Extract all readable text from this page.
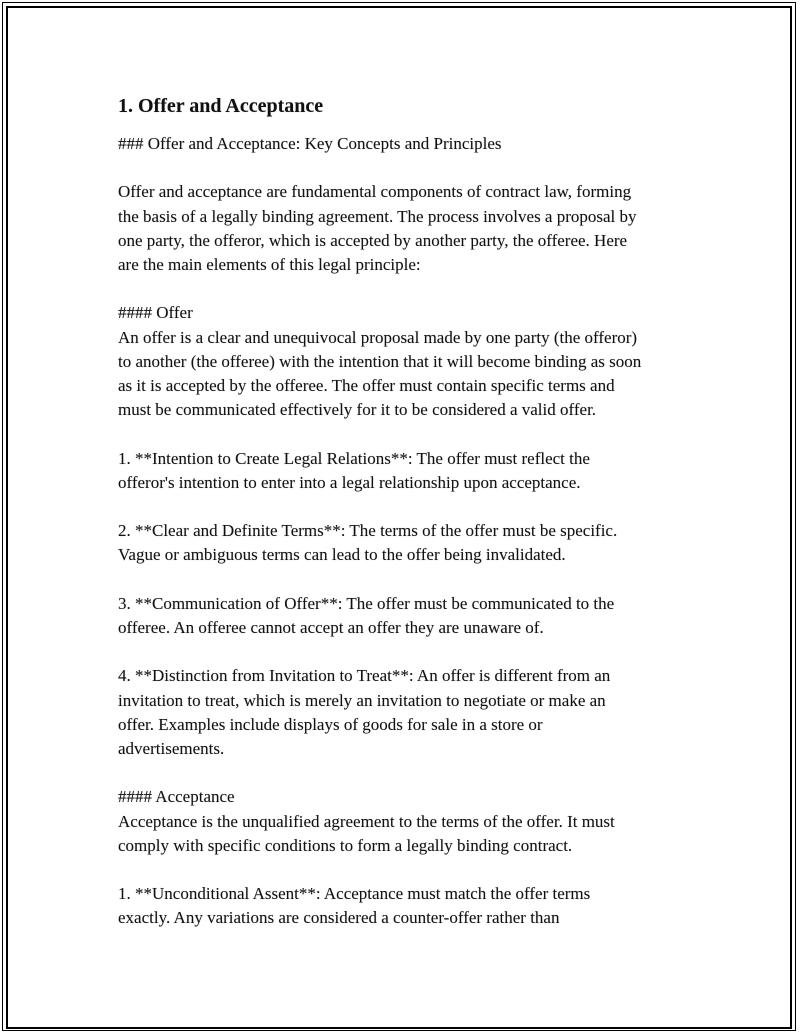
1. Offer and Acceptance
### Offer and Acceptance: Key Concepts and Principles
Offer and acceptance are fundamental components of contract law, forming
the basis of a legally binding agreement. The process involves a proposal by
one party, the offeror, which is accepted by another party, the offeree. Here
are the main elements of this legal principle:
#### Offer
An offer is a clear and unequivocal proposal made by one party (the offeror)
to another (the offeree) with the intention that it will become binding as soon
as it is accepted by the offeree. The offer must contain specific terms and
must be communicated effectively for it to be considered a valid offer.
1. **Intention to Create Legal Relations**: The offer must reflect the
offeror's intention to enter into a legal relationship upon acceptance.
2. **Clear and Definite Terms**: The terms of the offer must be specific.
Vague or ambiguous terms can lead to the offer being invalidated.
3. **Communication of Offer**: The offer must be communicated to the
offeree. An offeree cannot accept an offer they are unaware of.
4. **Distinction from Invitation to Treat**: An offer is different from an
invitation to treat, which is merely an invitation to negotiate or make an
offer. Examples include displays of goods for sale in a store or
advertisements.
#### Acceptance
Acceptance is the unqualified agreement to the terms of the offer. It must
comply with specific conditions to form a legally binding contract.
1. **Unconditional Assent**: Acceptance must match the offer terms
exactly. Any variations are considered a counter-offer rather than
